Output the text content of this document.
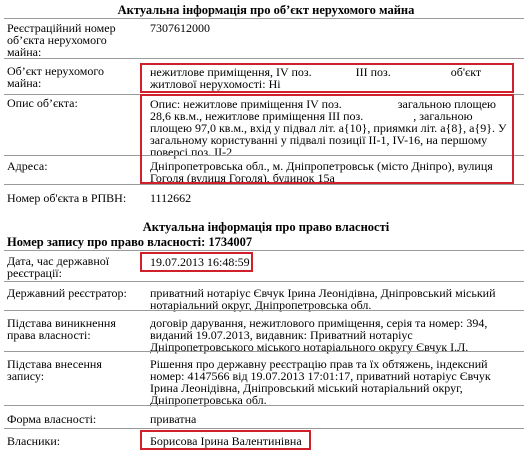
Актуальна інформація про об’єкт нерухомого майна
Реєстраційний номер об’єкта нерухомого майна:
7307612000
Об’єкт нерухомого майна:
нежитлове приміщення, IV поз.	III поз.	об'єкт житлової нерухомості: Ні
Опис об’єкта:	Опис: нежитлове приміщення IV поз.	загальною площею 28,6 кв.м., нежитлове приміщення III поз.	, загальною площею 97,0 кв.м., вхід у підвал літ. а{10}, приямки літ. а{8}, а{9}. У загальному користуванні у підвалі позиції II-1, IV-16, на першому поверсі поз. II-2
Адреса:	Дніпропетровська обл., м. Дніпропетровськ (місто Дніпро), вулиця Гоголя (вулиця Гоголя), будинок 15а
Номер об'єкта в РПВН:	1112662
Актуальна інформація про право власності
Номер запису про право власності: 1734007
Дата, час державної реєстрації:
19.07.2013 16:48:59
Державний реєстратор:	приватний нотаріус Євчук Ірина Леонідівна, Дніпровський міський нотаріальний округ, Дніпропетровська обл.
Підстава виникнення права власності:
договір дарування, нежитлового приміщення, серія та номер: 394, виданий 19.07.2013, видавник: Приватний нотаріус Дніпропетровського міського нотаріального округу Євчук І.Л.
Підстава внесення запису:
Рішення про державну реєстрацію прав та їх обтяжень, індексний номер: 4147566 від 19.07.2013 17:01:17, приватний нотаріус Євчук Ірина Леонідівна, Дніпровський міський нотаріальний округ, Дніпропетровська обл.
Форма власності:	приватна
Власники:	Борисова Ірина Валентинівна
